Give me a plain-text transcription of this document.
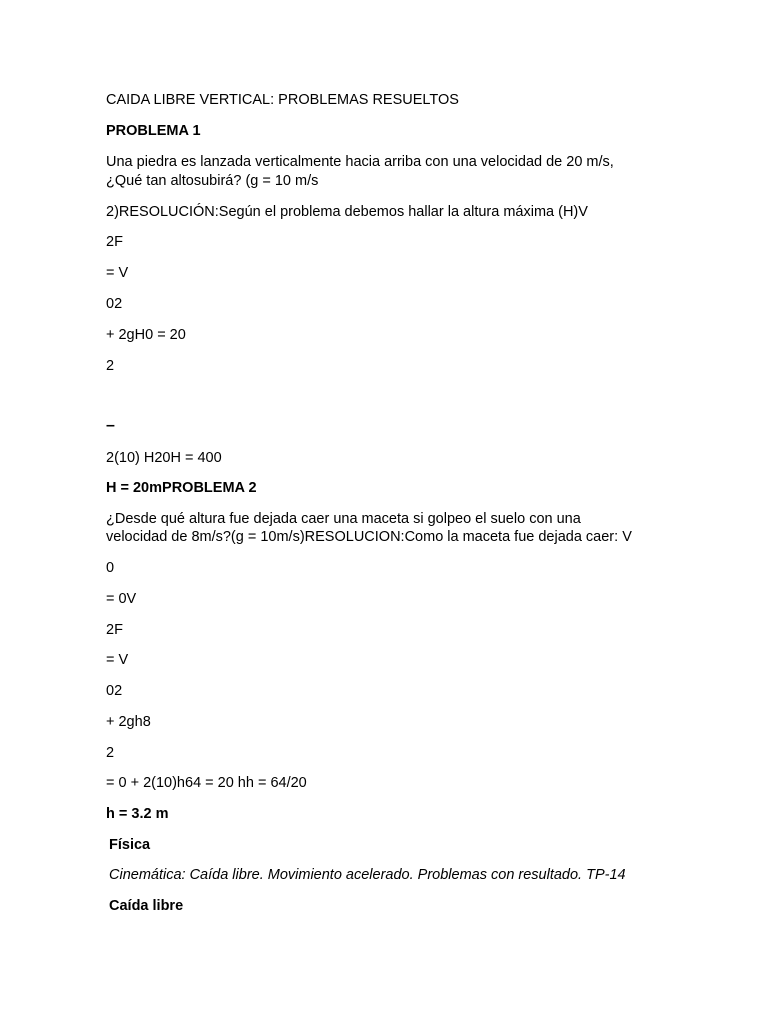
CAIDA LIBRE VERTICAL: PROBLEMAS RESUELTOS
PROBLEMA 1
Una piedra es lanzada verticalmente hacia arriba con una velocidad de 20 m/s,
¿Qué tan altosubirá? (g = 10 m/s
2)RESOLUCIÓN:Según el problema debemos hallar la altura máxima (H)V
2F
= V
02
+ 2gH0 = 20
2
–
2(10) H20H = 400
H = 20mPROBLEMA 2
¿Desde qué altura fue dejada caer una maceta si golpeo el suelo con una
velocidad de 8m/s?(g = 10m/s)RESOLUCION:Como la maceta fue dejada caer: V
0
= 0V
2F
= V
02
+ 2gh8
2
= 0 + 2(10)h64 = 20 hh = 64/20
h = 3.2 m
Física
Cinemática: Caída libre. Movimiento acelerado. Problemas con resultado. TP-14
Caída libre
